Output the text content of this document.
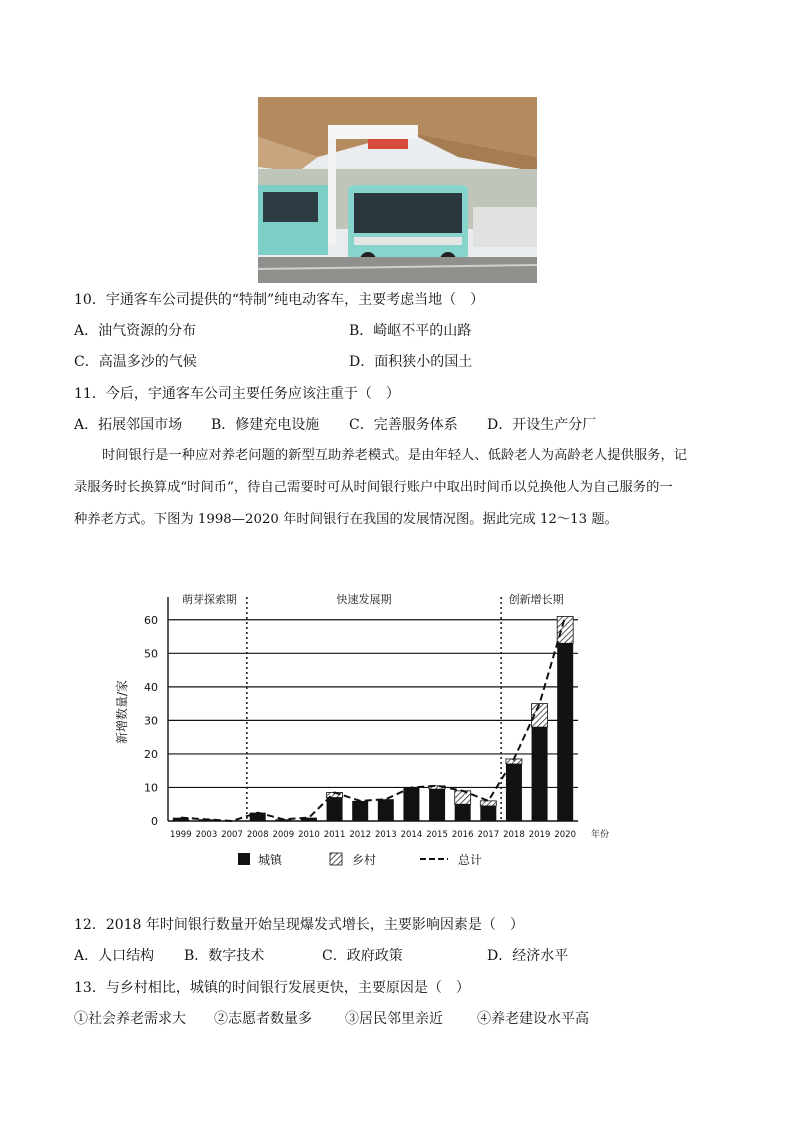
10．宇通客车公司提供的“特制”纯电动客车，主要考虑当地（　）
A．油气资源的分布	B．崎岖不平的山路
C．高温多沙的气候	D．面积狭小的国土
11．今后，宇通客车公司主要任务应该注重于（　）
A．拓展邻国市场 B．修建充电设施 C．完善服务体系 D．开设生产分厂
时间银行是一种应对养老问题的新型互助养老模式。是由年轻人、低龄老人为高龄老人提供服务，记
录服务时长换算成“时间币”，待自己需要时可从时间银行账户中取出时间币以兑换他人为自己服务的一
种养老方式。下图为 1998—2020 年时间银行在我国的发展情况图。据此完成 12～13 题。
0
10
20
30
40
50
60
新增数量/家
萌芽探索期	快速发展期	创新增长期
1999 2003 2007 2008 2009 2010 2011 2012 2013 2014 2015 2016 2017 2018 2019 2020 年份
城镇	乡村	总计
12．2018 年时间银行数量开始呈现爆发式增长，主要影响因素是（　）
A．人口结构 B．数字技术	C．政府政策	D．经济水平
13．与乡村相比，城镇的时间银行发展更快，主要原因是（　）
①社会养老需求大 ②志愿者数量多 ③居民邻里亲近 ④养老建设水平高
